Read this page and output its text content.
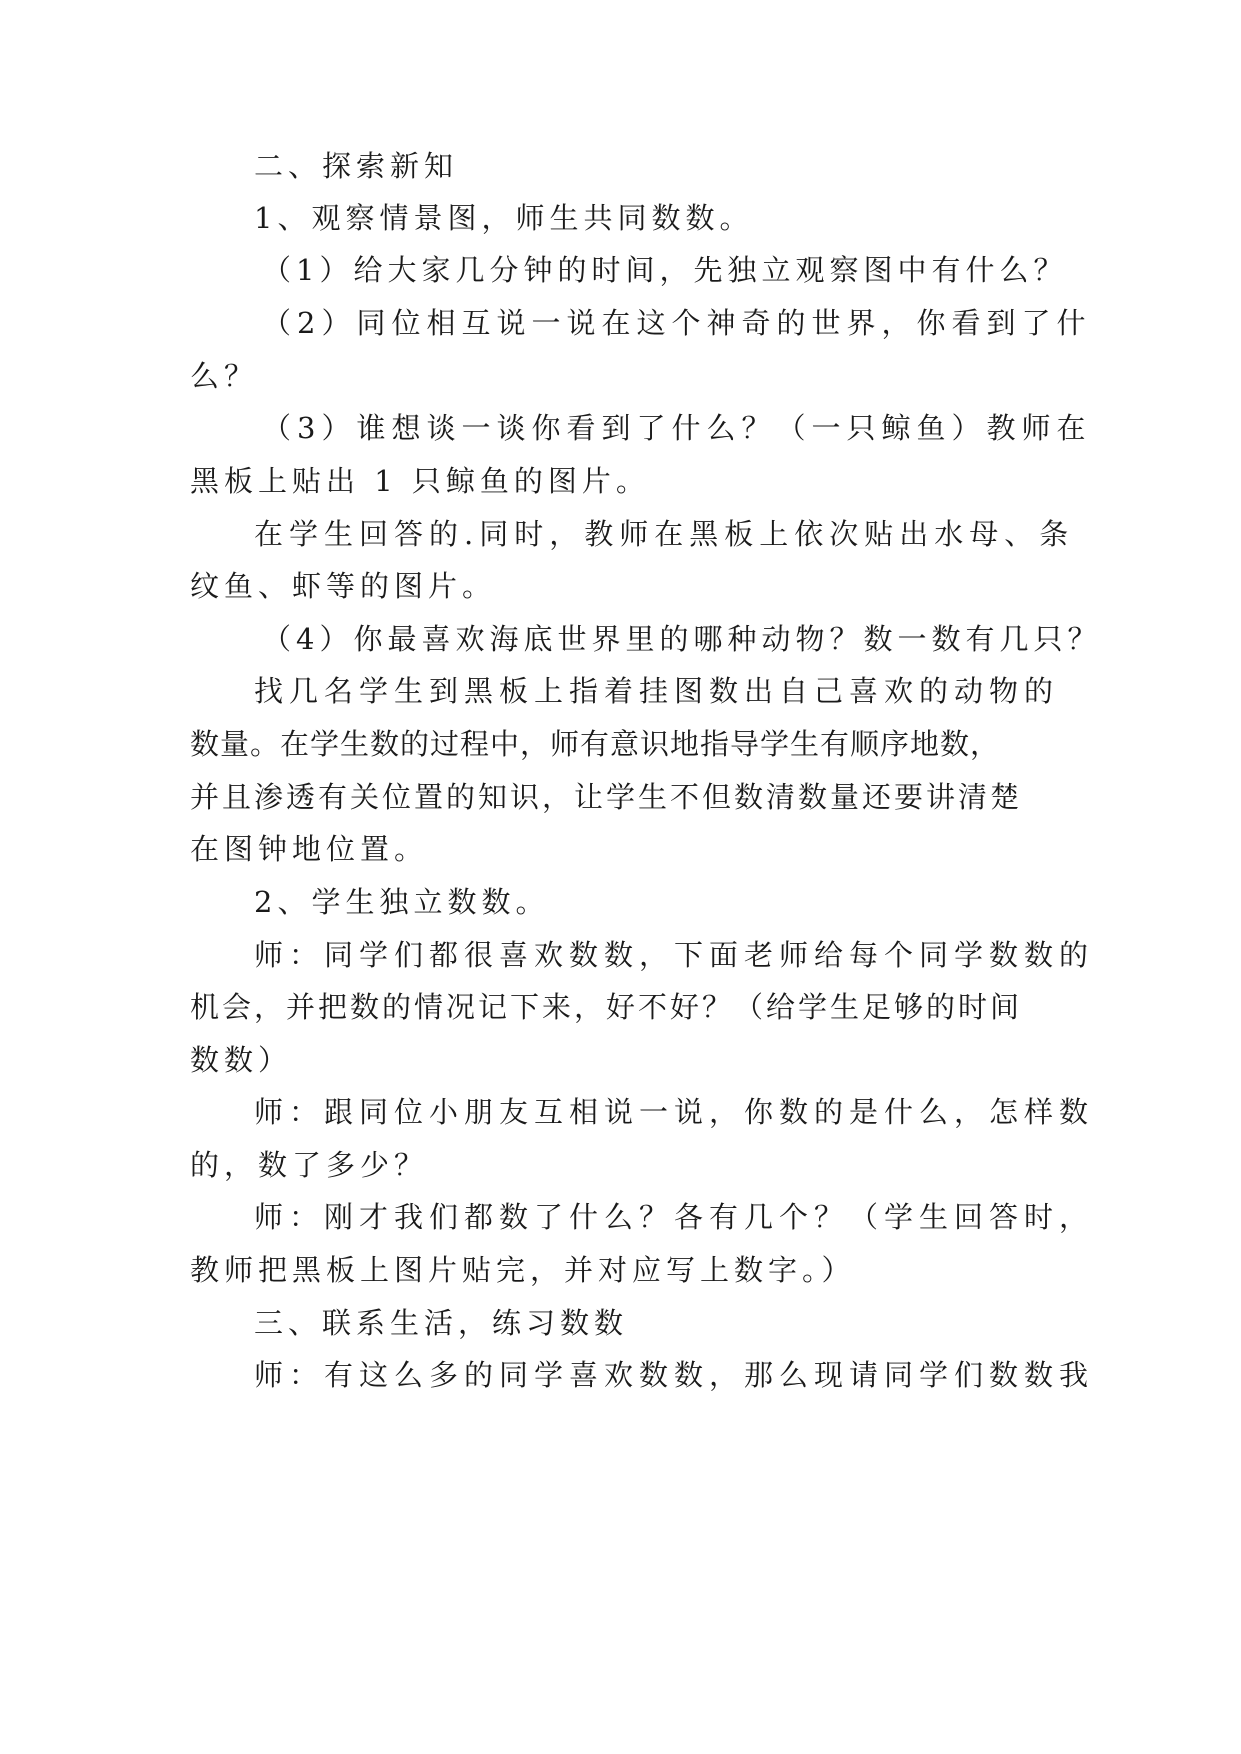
二、探索新知
1、观察情景图，师生共同数数。
（1）给大家几分钟的时间，先独立观察图中有什么？
（2）同位相互说一说在这个神奇的世界，你看到了什
么？
（3）谁想谈一谈你看到了什么？（一只鲸鱼）教师在
黑板上贴出 1 只鲸鱼的图片。
在学生回答的.同时，教师在黑板上依次贴出水母、条
纹鱼、虾等的图片。
（4）你最喜欢海底世界里的哪种动物？数一数有几只？
找几名学生到黑板上指着挂图数出自己喜欢的动物的
数量。在学生数的过程中，师有意识地指导学生有顺序地数，
并且渗透有关位置的知识，让学生不但数清数量还要讲清楚
在图钟地位置。
2、学生独立数数。
师：同学们都很喜欢数数，下面老师给每个同学数数的
机会，并把数的情况记下来，好不好？（给学生足够的时间
数数）
师：跟同位小朋友互相说一说，你数的是什么，怎样数
的，数了多少？
师：刚才我们都数了什么？各有几个？（学生回答时，
教师把黑板上图片贴完，并对应写上数字。）
三、联系生活，练习数数
师：有这么多的同学喜欢数数，那么现请同学们数数我
